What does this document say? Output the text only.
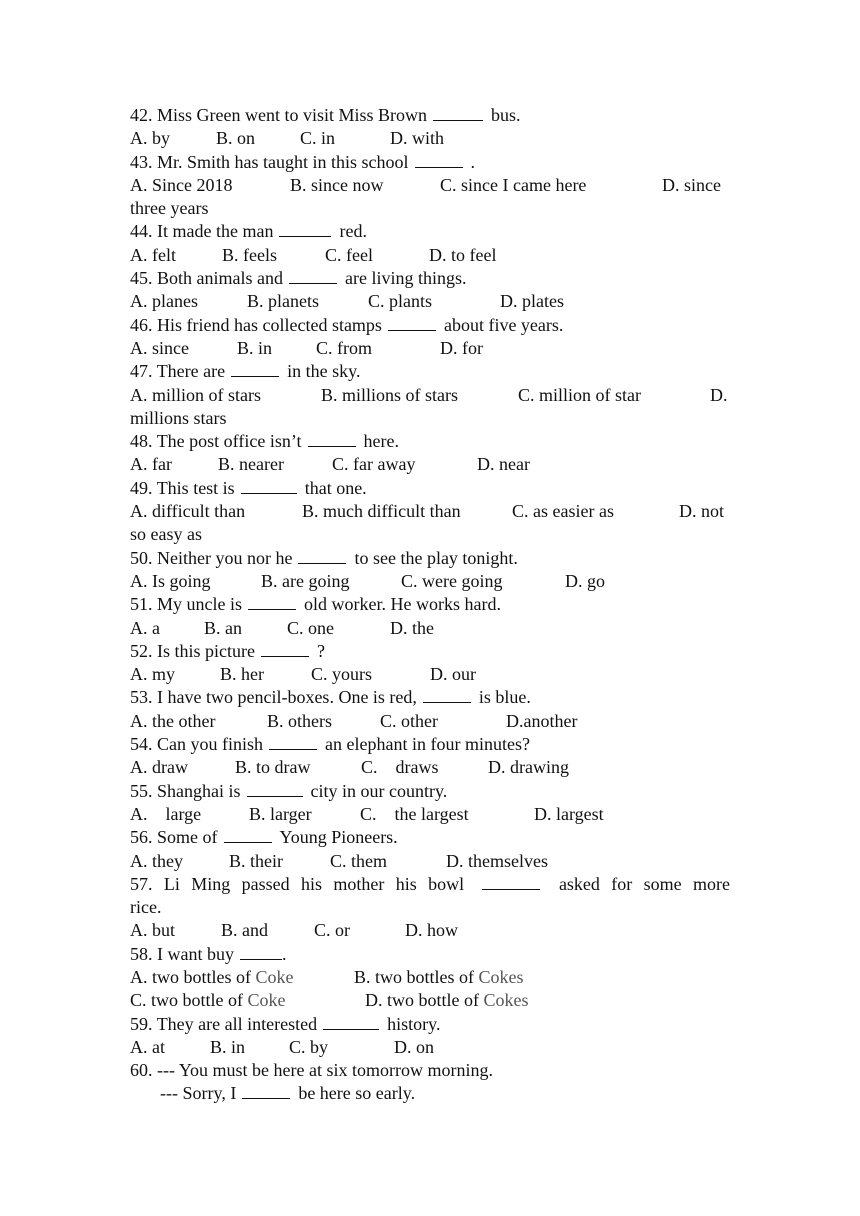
42. Miss Green went to visit Miss Brown	bus.
A. by	B. on C. in	D. with
43. Mr. Smith has taught in this school	.
A. Since 2018	B. since now	C. since I came here	D. since
three years
44. It made the man	red.
A. felt	B. feels	C. feel	D. to feel
45. Both animals and	are living things.
A. planes	B. planets	C. plants	D. plates
46. His friend has collected stamps	about five years.
A. since	B. in C. from	D. for
47. There are	in the sky.
A. million of stars	B. millions of stars	C. million of star	D.
millions stars
48. The post office isn’t	here.
A. far	B. nearer	C. far away	D. near
49. This test is	that one.
A. difficult than	B. much difficult than	C. as easier as	D. not
so easy as
50. Neither you nor he	to see the play tonight.
A. Is going	B. are going	C. were going	D. go
51. My uncle is	old worker. He works hard.
A. a B. an	C. one	D. the
52. Is this picture	?
A. my	B. her	C. yours	D. our
53. I have two pencil-boxes. One is red,	is blue.
A. the other	B. others	C. other	D.another
54. Can you finish	an elephant in four minutes?
A. draw	B. to draw	C.    draws	D. drawing
55. Shanghai is	city in our country.
A.    large	B. larger	C.    the largest	D. largest
56. Some of	Young Pioneers.
A. they	B. their	C. them	D. themselves
57. Li Ming passed his mother his bowl	asked for some more
rice.
A. but	B. and	C. or	D. how
58. I want buy	.
A. two bottles of Coke	B. two bottles of Cokes
C. two bottle of Coke	D. two bottle of Cokes
59. They are all interested	history.
A. at	B. in C. by	D. on
60. --- You must be here at six tomorrow morning.
--- Sorry, I	be here so early.
